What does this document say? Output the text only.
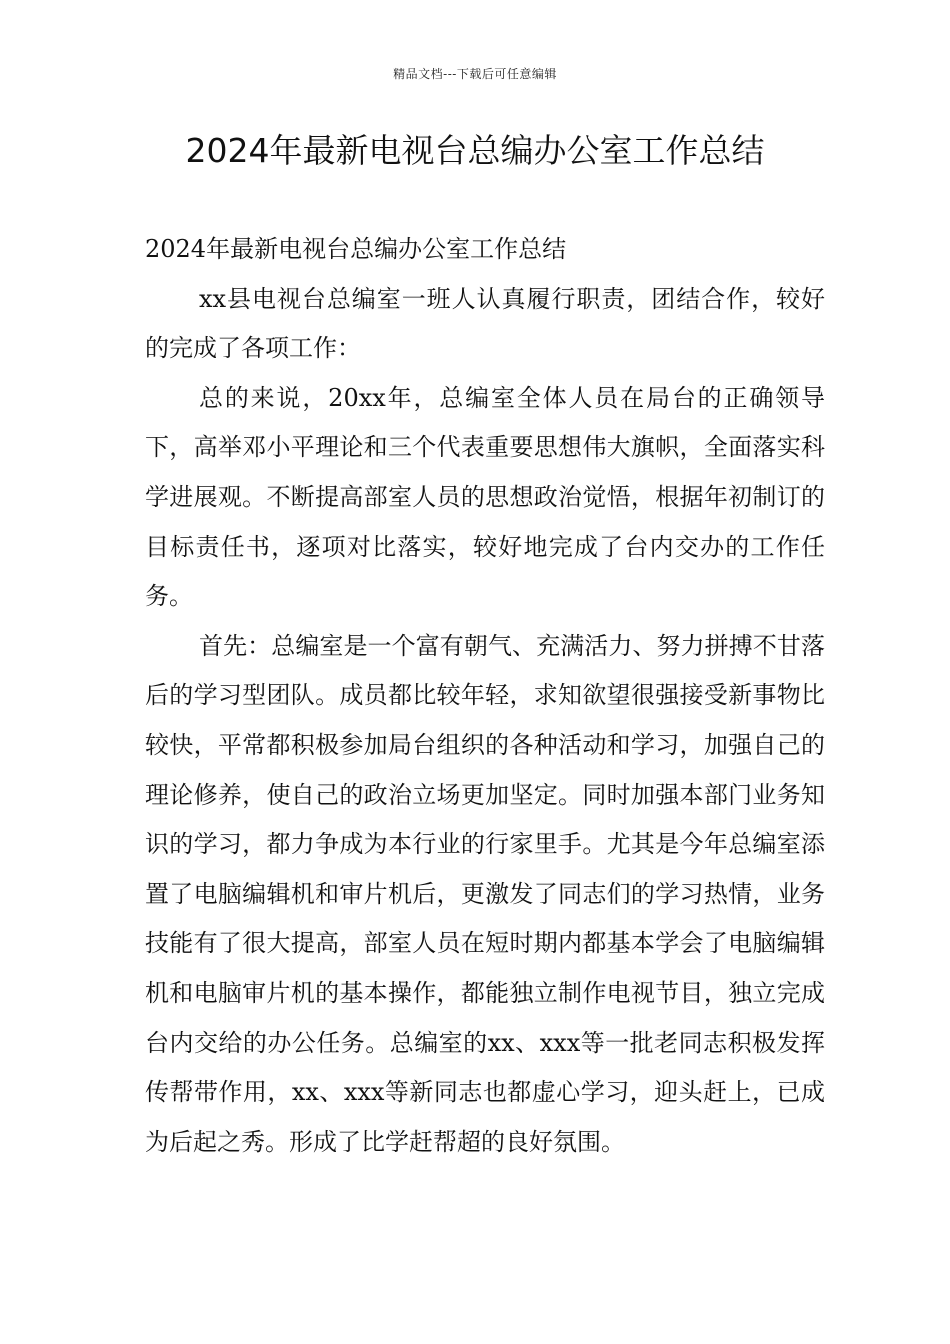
精品文档---下载后可任意编辑
2024年最新电视台总编办公室工作总结

2024年最新电视台总编办公室工作总结

xx县电视台总编室一班人认真履行职责，团结合作，较好的完成了各项工作：

总的来说，20xx年，总编室全体人员在局台的正确领导下，高举邓小平理论和三个代表重要思想伟大旗帜，全面落实科学进展观。不断提高部室人员的思想政治觉悟，根据年初制订的目标责任书，逐项对比落实，较好地完成了台内交办的工作任务。

首先：总编室是一个富有朝气、充满活力、努力拼搏不甘落后的学习型团队。成员都比较年轻，求知欲望很强接受新事物比较快，平常都积极参加局台组织的各种活动和学习，加强自己的理论修养，使自己的政治立场更加坚定。同时加强本部门业务知识的学习，都力争成为本行业的行家里手。尤其是今年总编室添置了电脑编辑机和审片机后，更激发了同志们的学习热情，业务技能有了很大提高，部室人员在短时期内都基本学会了电脑编辑机和电脑审片机的基本操作，都能独立制作电视节目，独立完成台内交给的办公任务。总编室的xx、xxx等一批老同志积极发挥传帮带作用，xx、xxx等新同志也都虚心学习，迎头赶上，已成为后起之秀。形成了比学赶帮超的良好氛围。
